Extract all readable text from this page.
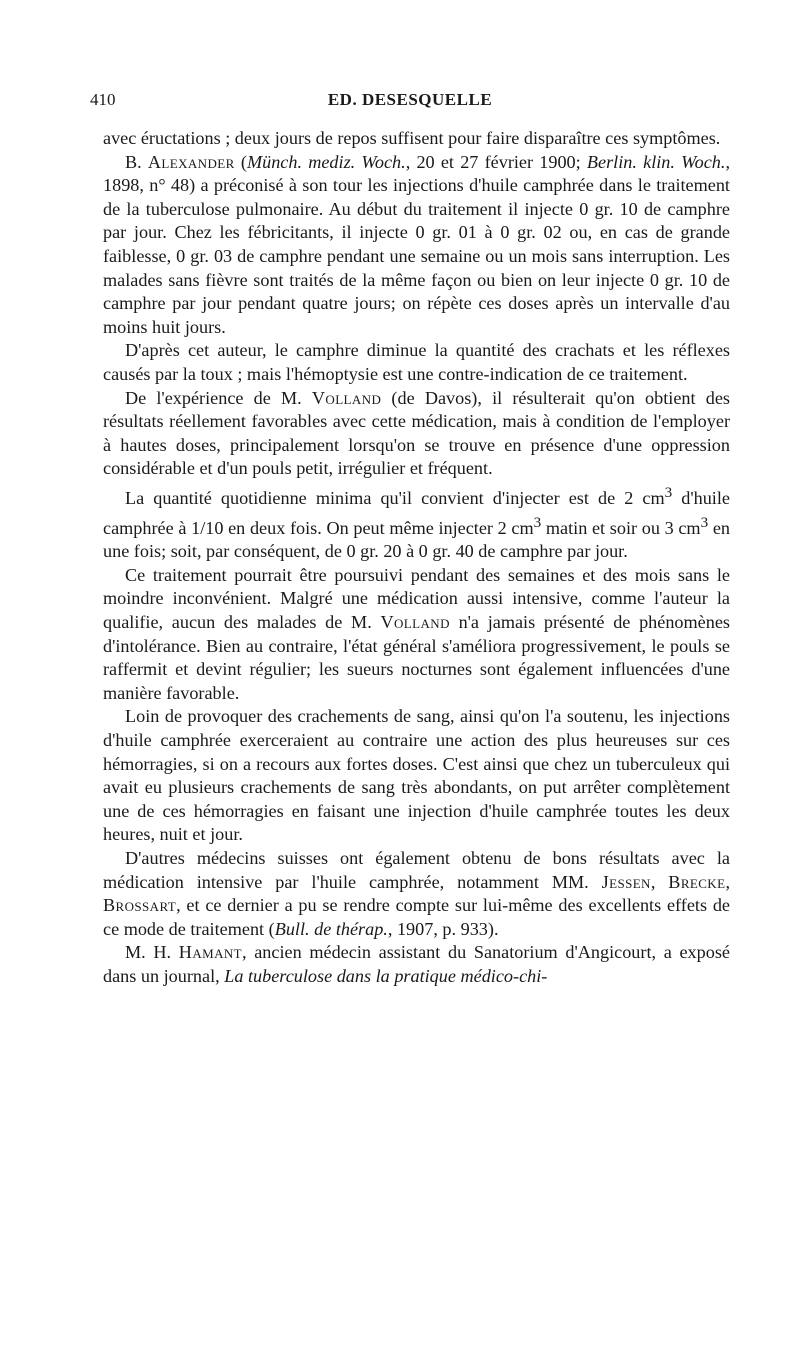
410	ED. DESESQUELLE

avec éructations ; deux jours de repos suffisent pour faire disparaître ces symptômes.

B. Alexander (Münch. mediz. Woch., 20 et 27 février 1900; Berlin. klin. Woch., 1898, n° 48) a préconisé à son tour les injections d'huile camphrée dans le traitement de la tuberculose pulmonaire. Au début du traitement il injecte 0 gr. 10 de camphre par jour. Chez les fébricitants, il injecte 0 gr. 01 à 0 gr. 02 ou, en cas de grande faiblesse, 0 gr. 03 de camphre pendant une semaine ou un mois sans interruption. Les malades sans fièvre sont traités de la même façon ou bien on leur injecte 0 gr. 10 de camphre par jour pendant quatre jours; on répète ces doses après un intervalle d'au moins huit jours.

D'après cet auteur, le camphre diminue la quantité des crachats et les réflexes causés par la toux ; mais l'hémoptysie est une contre-indication de ce traitement.

De l'expérience de M. Volland (de Davos), il résulterait qu'on obtient des résultats réellement favorables avec cette médication, mais à condition de l'employer à hautes doses, principalement lorsqu'on se trouve en présence d'une oppression considérable et d'un pouls petit, irrégulier et fréquent.

La quantité quotidienne minima qu'il convient d'injecter est de 2 $cm^3$ d'huile camphrée à 1/10 en deux fois. On peut même injecter 2 $cm^3$ matin et soir ou 3 $cm^3$ en une fois; soit, par conséquent, de 0 gr. 20 à 0 gr. 40 de camphre par jour.

Ce traitement pourrait être poursuivi pendant des semaines et des mois sans le moindre inconvénient. Malgré une médication aussi intensive, comme l'auteur la qualifie, aucun des malades de M. Volland n'a jamais présenté de phénomènes d'intolérance. Bien au contraire, l'état général s'améliora progressivement, le pouls se raffermit et devint régulier; les sueurs nocturnes sont également influencées d'une manière favorable.

Loin de provoquer des crachements de sang, ainsi qu'on l'a soutenu, les injections d'huile camphrée exerceraient au contraire une action des plus heureuses sur ces hémorragies, si on a recours aux fortes doses. C'est ainsi que chez un tuberculeux qui avait eu plusieurs crachements de sang très abondants, on put arrêter complètement une de ces hémorragies en faisant une injection d'huile camphrée toutes les deux heures, nuit et jour.

D'autres médecins suisses ont également obtenu de bons résultats avec la médication intensive par l'huile camphrée, notamment MM. Jessen, Brecke, Brossart, et ce dernier a pu se rendre compte sur lui-même des excellents effets de ce mode de traitement (Bull. de thérap., 1907, p. 933).

M. H. Hamant, ancien médecin assistant du Sanatorium d'Angicourt, a exposé dans un journal, La tuberculose dans la pratique médico-chi-
